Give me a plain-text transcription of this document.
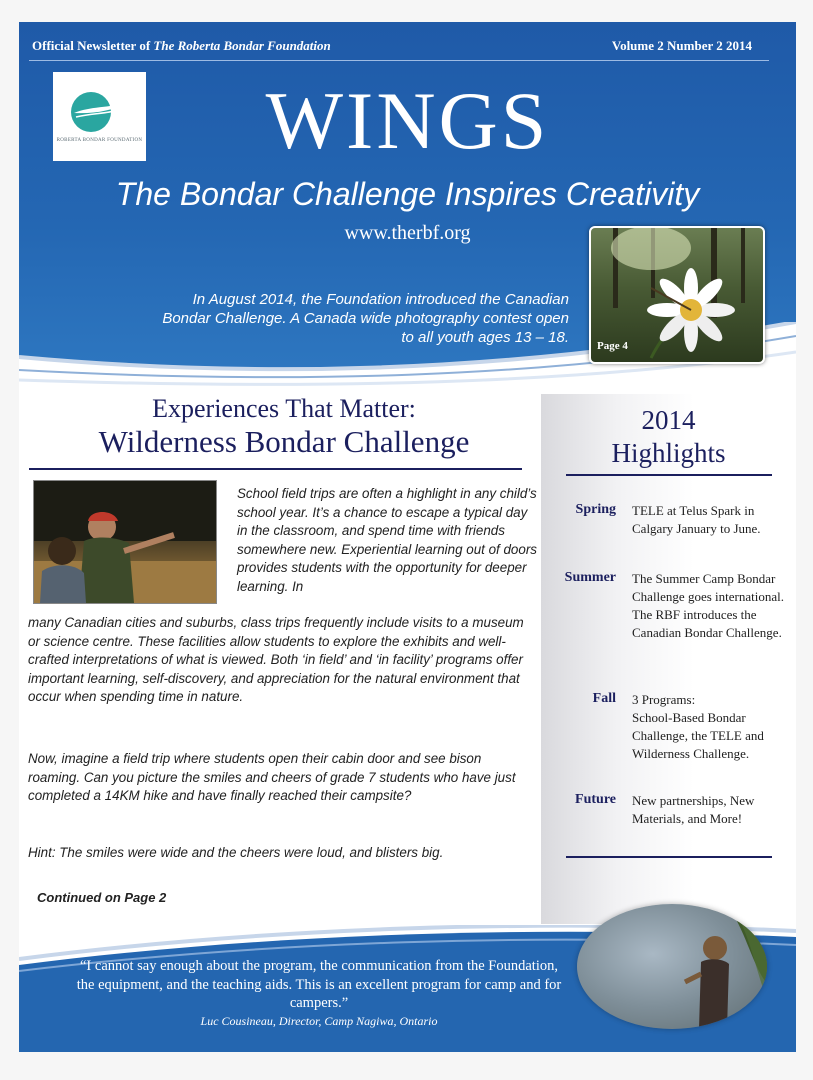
Official Newsletter of The Roberta Bondar Foundation	Volume 2 Number 2 2014
ROBERTA BONDAR FOUNDATION	WINGS
The Bondar Challenge Inspires Creativity
www.therbf.org
In August 2014, the Foundation introduced the Canadian Bondar Challenge. A Canada wide photography contest open to all youth ages 13 – 18.	Page 4
Experiences That Matter:
Wilderness Bondar Challenge
School field trips are often a highlight in any child’s school year. It’s a chance to escape a typical day in the classroom, and spend time with friends somewhere new. Experiential learning out of doors provides students with the opportunity for deeper learning. In
many Canadian cities and suburbs, class trips frequently include visits to a museum or science centre. These facilities allow students to explore the exhibits and well-crafted interpretations of what is viewed. Both ‘in field’ and ‘in facility’ programs offer important learning, self-discovery, and appreciation for the natural environment that occur when spending time in nature.
Now, imagine a field trip where students open their cabin door and see bison roaming. Can you picture the smiles and cheers of grade 7 students who have just completed a 14KM hike and have finally reached their campsite?
Hint: The smiles were wide and the cheers were loud, and blisters big.
Continued on Page 2
2014
Highlights
Spring TELE at Telus Spark in Calgary January to June.
Summer The Summer Camp Bondar Challenge goes international.
The RBF introduces the Canadian Bondar Challenge.
Fall 3 Programs:
School-Based Bondar Challenge, the TELE and Wilderness Challenge.
Future New partnerships, New Materials, and More!
“I cannot say enough about the program, the communication from the Foundation, the equipment, and the teaching aids. This is an excellent program for camp and for campers.”
Luc Cousineau, Director, Camp Nagiwa, Ontario
